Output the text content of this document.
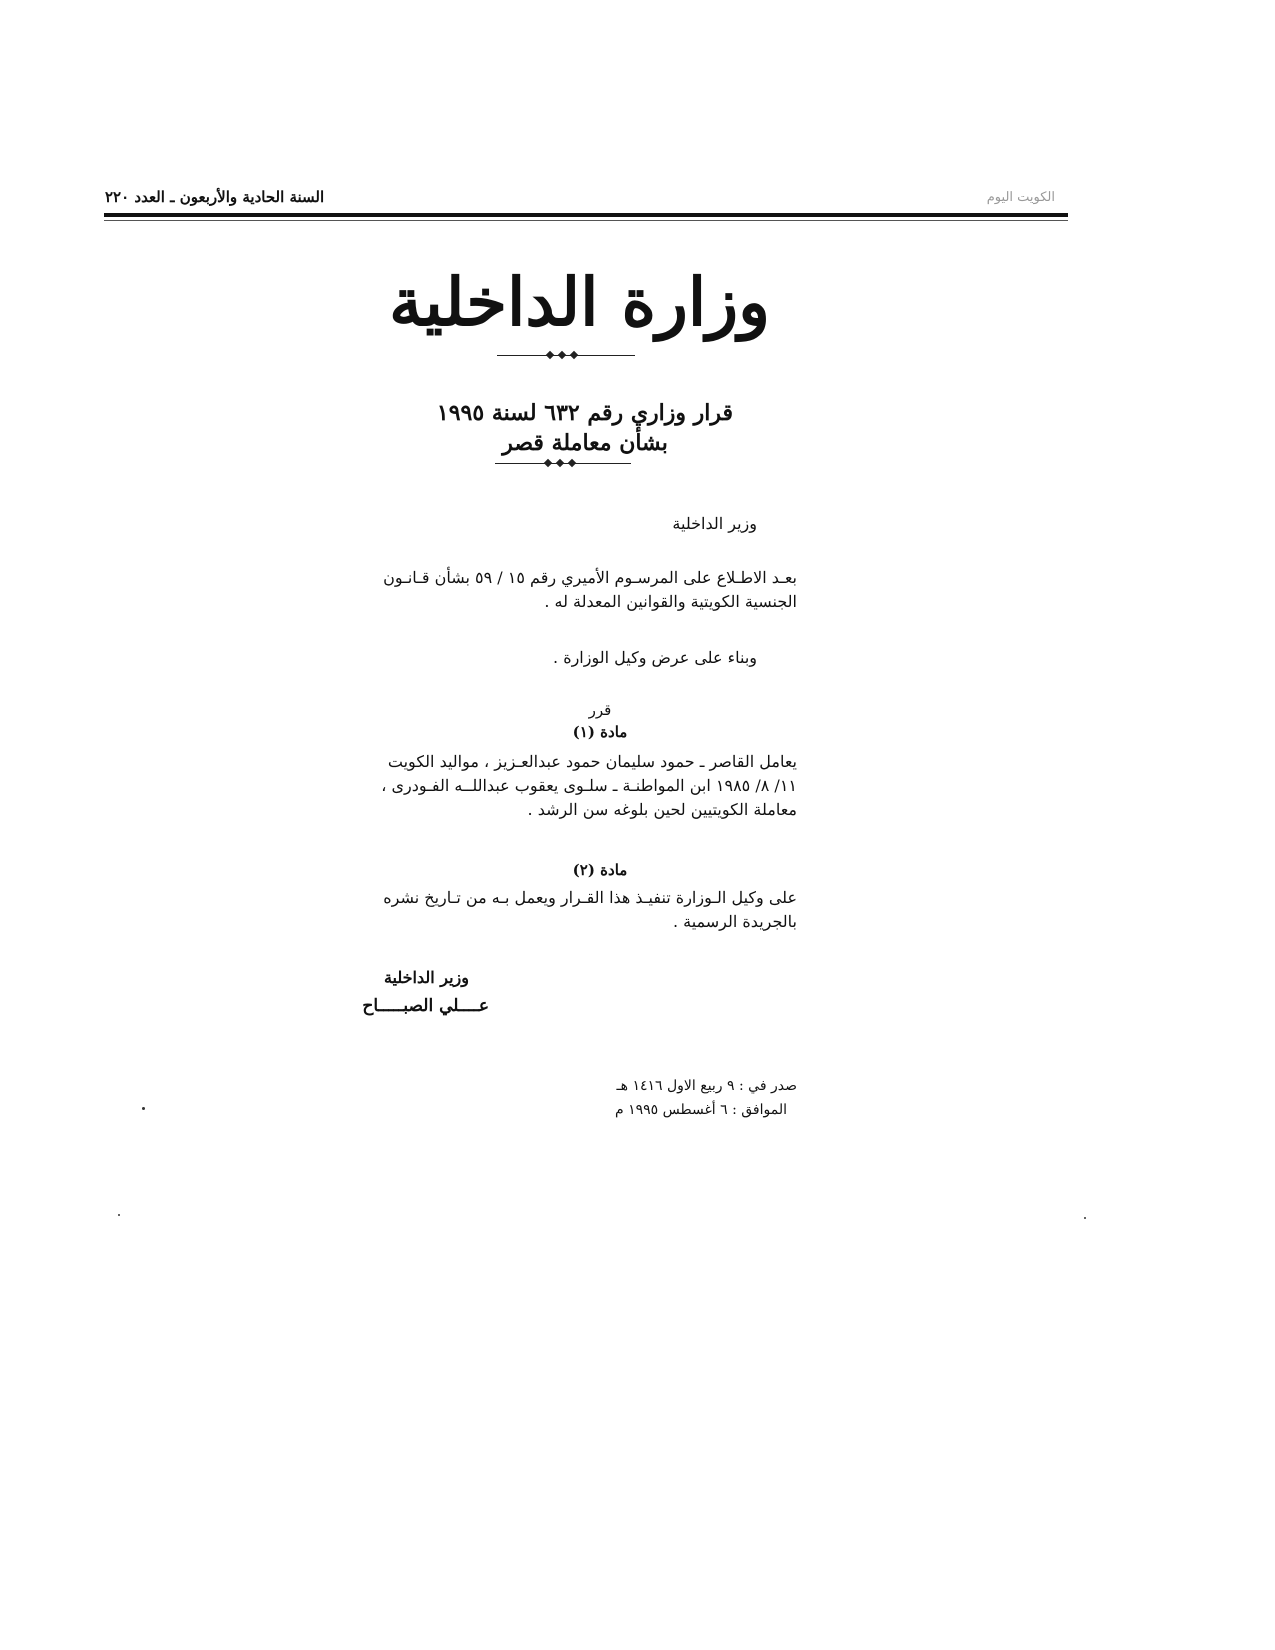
الكويت اليوم
السنة الحادية والأربعون ـ العدد ٢٢٠
وزارة الداخلية
قرار وزاري رقم ٦٣٢ لسنة ١٩٩٥
بشأن معاملة قصر
وزير الداخلية
بعـد الاطـلاع على المرسـوم الأميري رقم ١٥ / ٥٩ بشأن قـانـون
الجنسية الكويتية والقوانين المعدلة له .
وبناء على عرض وكيل الوزارة .
قرر
مادة (١)
يعامل القاصر ـ حمود سليمان حمود عبدالعـزيز ، مواليد الكويت
١١/ ٨/ ١٩٨٥ ابن المواطنـة ـ سلـوى يعقوب عبداللــه الفـودرى ،
معاملة الكويتيين لحين بلوغه سن الرشد .
مادة (٢)
على وكيل الـوزارة تنفيـذ هذا القـرار ويعمل بـه من تـاريخ نشره
بالجريدة الرسمية .
وزير الداخلية
عــــلي الصبـــــاح
صدر في : ٩ ربيع الاول ١٤١٦ هـ
الموافق : ٦ أغسطس ١٩٩٥ م
